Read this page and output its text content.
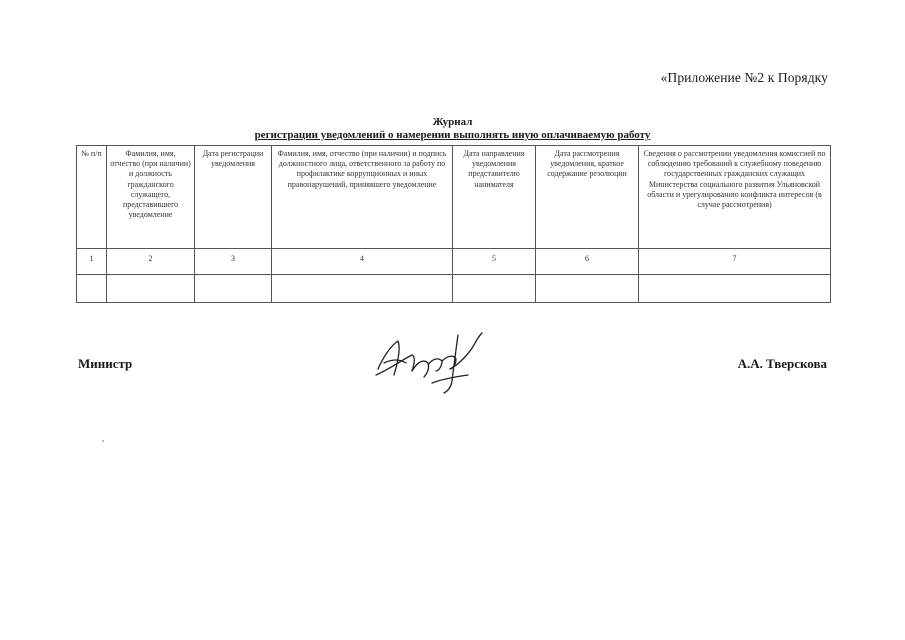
«Приложение №2 к Порядку
Журнал
регистрации уведомлений о намерении выполнять иную оплачиваемую работу
№ п/п	Фамилия, имя, отчество (при наличии) и должность гражданского служащего, представившего уведомление	Дата регистрации уведомления	Фамилия, имя, отчество (при наличии) и подпись должностного лица, ответственного за работу по профилактике коррупционных и иных правонарушений, принявшего уведомление	Дата направления уведомления представителю нанимателя	Дата рассмотрения уведомления, краткое содержание резолюции	Сведения о рассмотрении уведомления комиссией по соблюдению требований к служебному поведению государственных гражданских служащих Министерства социального развития Ульяновской области и урегулированию конфликта интересов (в случае рассмотрения)
1	2	3	4	5	6	7

Министр	А.А. Тверскова
